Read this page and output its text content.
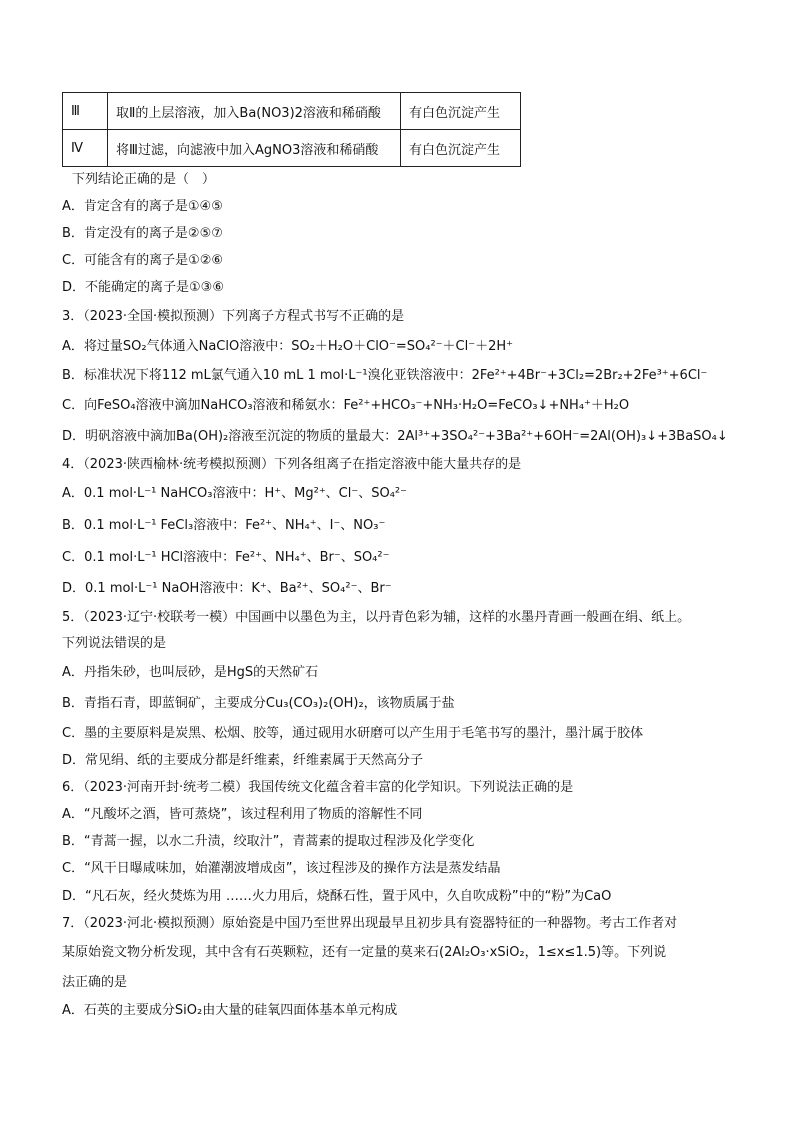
Ⅲ	取Ⅱ的上层溶液，加入Ba(NO3)2溶液和稀硝酸	有白色沉淀产生
Ⅳ	将Ⅲ过滤，向滤液中加入AgNO3溶液和稀硝酸	有白色沉淀产生
下列结论正确的是（　）
A．肯定含有的离子是①④⑤
B．肯定没有的离子是②⑤⑦
C．可能含有的离子是①②⑥
D．不能确定的离子是①③⑥
3．（2023·全国·模拟预测）下列离子方程式书写不正确的是
A．将过量SO₂气体通入NaClO溶液中：SO₂＋H₂O＋ClO⁻=SO₄²⁻＋Cl⁻＋2H⁺
B．标准状况下将112 mL氯气通入10 mL 1 mol·L⁻¹溴化亚铁溶液中：2Fe²⁺+4Br⁻+3Cl₂=2Br₂+2Fe³⁺+6Cl⁻
C．向FeSO₄溶液中滴加NaHCO₃溶液和稀氨水：Fe²⁺+HCO₃⁻+NH₃·H₂O=FeCO₃↓+NH₄⁺＋H₂O
D．明矾溶液中滴加Ba(OH)₂溶液至沉淀的物质的量最大：2Al³⁺+3SO₄²⁻+3Ba²⁺+6OH⁻=2Al(OH)₃↓+3BaSO₄↓
4．（2023·陕西榆林·统考模拟预测）下列各组离子在指定溶液中能大量共存的是
A．0.1 mol·L⁻¹ NaHCO₃溶液中：H⁺、Mg²⁺、Cl⁻、SO₄²⁻
B．0.1 mol·L⁻¹ FeCl₃溶液中：Fe²⁺、NH₄⁺、I⁻、NO₃⁻
C．0.1 mol·L⁻¹ HCl溶液中：Fe²⁺、NH₄⁺、Br⁻、SO₄²⁻
D．0.1 mol·L⁻¹ NaOH溶液中：K⁺、Ba²⁺、SO₄²⁻、Br⁻
5．（2023·辽宁·校联考一模）中国画中以墨色为主，以丹青色彩为辅，这样的水墨丹青画一般画在绢、纸上。
下列说法错误的是
A．丹指朱砂，也叫辰砂，是HgS的天然矿石
B．青指石青，即蓝铜矿，主要成分Cu₃(CO₃)₂(OH)₂，该物质属于盐
C．墨的主要原料是炭黑、松烟、胶等，通过砚用水研磨可以产生用于毛笔书写的墨汁，墨汁属于胶体
D．常见绢、纸的主要成分都是纤维素，纤维素属于天然高分子
6．（2023·河南开封·统考二模）我国传统文化蕴含着丰富的化学知识。下列说法正确的是
A．“凡酸坏之酒，皆可蒸烧”，该过程利用了物质的溶解性不同
B．“青蒿一握，以水二升渍，绞取汁”，青蒿素的提取过程涉及化学变化
C．“风干日曝咸味加，始灌潮波增成卤”，该过程涉及的操作方法是蒸发结晶
D．“凡石灰，经火焚炼为用 ……火力用后，烧酥石性，置于风中，久自吹成粉”中的“粉”为CaO
7．（2023·河北·模拟预测）原始瓷是中国乃至世界出现最早且初步具有瓷器特征的一种器物。考古工作者对
某原始瓷文物分析发现，其中含有石英颗粒，还有一定量的莫来石(2Al₂O₃·xSiO₂，1≤x≤1.5)等。下列说
法正确的是
A．石英的主要成分SiO₂由大量的硅氧四面体基本单元构成
